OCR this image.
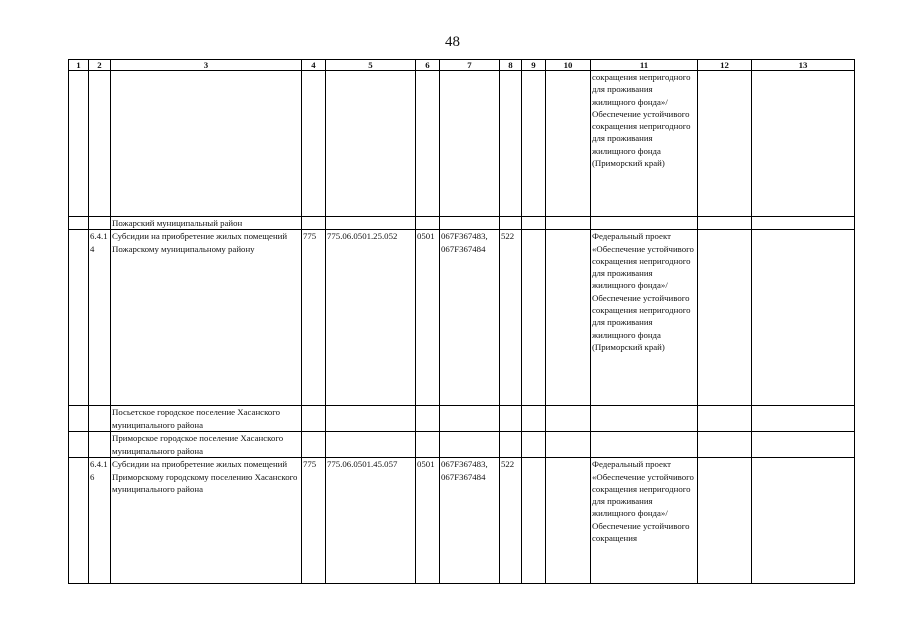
48
1	2	3	4	5	6	7	8	9	10	11	12	13
										сокращения непригодного для проживания жилищного фонда»/Обеспечение устойчивого сокращения непригодного для проживания жилищного фонда (Приморский край)		
		Пожарский муниципальный район										
	6.4.14	Субсидии на приобретение жилых помещений Пожарскому муниципальному району	775	775.06.0501.25.052	0501	067F367483, 067F367484	522			Федеральный проект «Обеспечение устойчивого сокращения непригодного для проживания жилищного фонда»/Обеспечение устойчивого сокращения непригодного для проживания жилищного фонда (Приморский край)		
		Посьетское городское поселение Хасанского муниципального района										
		Приморское городское поселение Хасанского муниципального района										
	6.4.16	Субсидии на приобретение жилых помещений Приморскому городскому поселению Хасанского муниципального района	775	775.06.0501.45.057	0501	067F367483, 067F367484	522			Федеральный проект «Обеспечение устойчивого сокращения непригодного для проживания жилищного фонда»/Обеспечение устойчивого сокращения		
